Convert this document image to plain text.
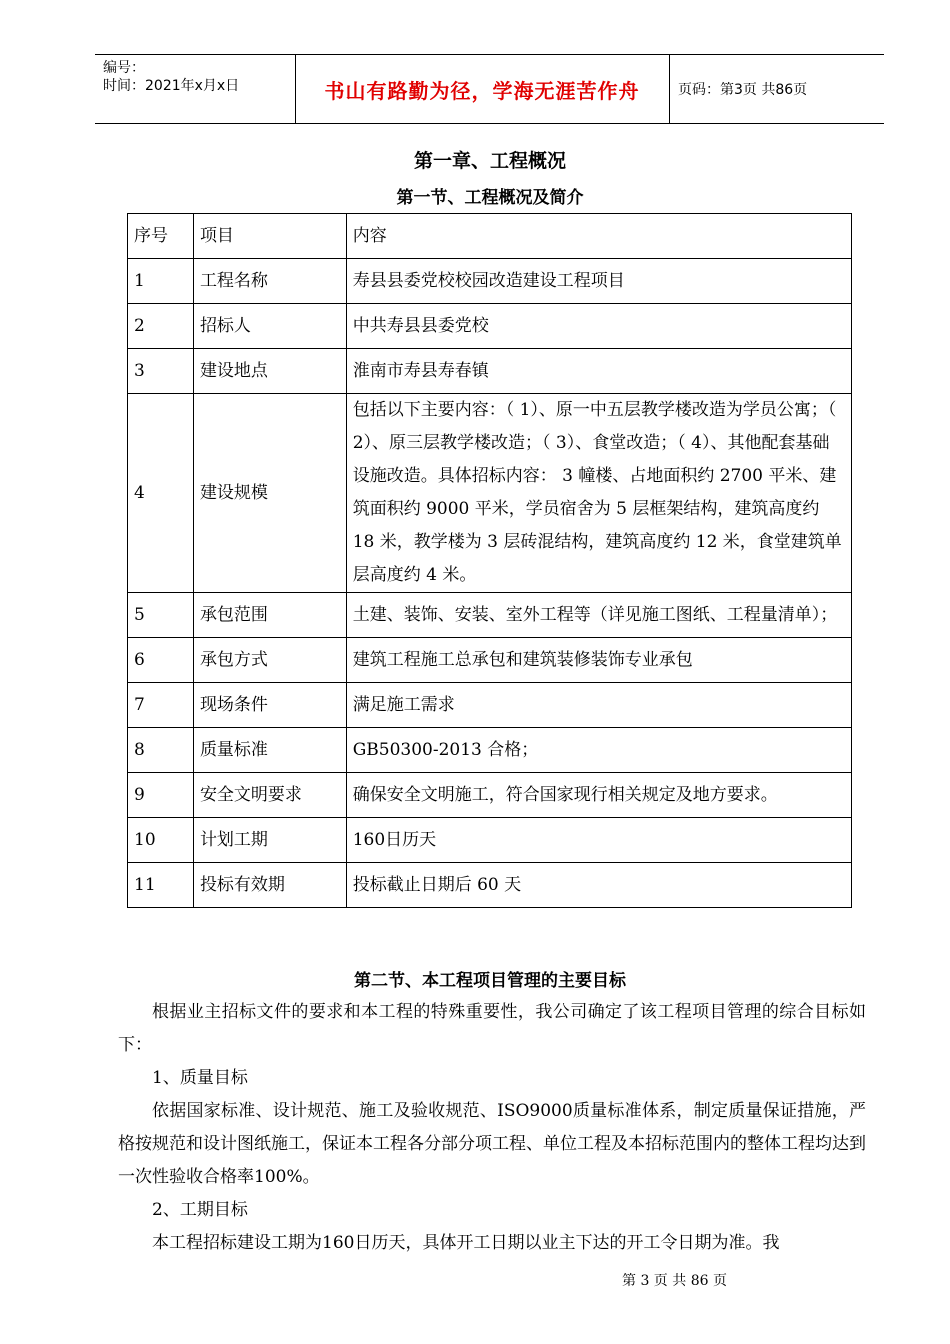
编号：
时间：2021年x月x日	书山有路勤为径，学海无涯苦作舟	页码：第3页 共86页
第一章、工程概况
第一节、工程概况及简介
序号	项目	内容
1	工程名称	寿县县委党校校园改造建设工程项目
2	招标人	中共寿县县委党校
3	建设地点	淮南市寿县寿春镇
4	建设规模	包括以下主要内容：（ 1）、原一中五层教学楼改造为学员公寓；（ 2）、原三层教学楼改造；（ 3）、食堂改造；（ 4）、其他配套基础设施改造。具体招标内容： 3 幢楼、占地面积约 2700 平米、建筑面积约 9000 平米，学员宿舍为 5 层框架结构，建筑高度约 18 米，教学楼为 3 层砖混结构，建筑高度约 12 米，食堂建筑单层高度约 4 米。
5	承包范围	土建、装饰、安装、室外工程等（详见施工图纸、工程量清单）；
6	承包方式	建筑工程施工总承包和建筑装修装饰专业承包
7	现场条件	满足施工需求
8	质量标准	GB50300-2013 合格；
9	安全文明要求	确保安全文明施工，符合国家现行相关规定及地方要求。
10	计划工期	160日历天
11	投标有效期	投标截止日期后 60 天
第二节、本工程项目管理的主要目标

根据业主招标文件的要求和本工程的特殊重要性，我公司确定了该工程项目管理的综合目标如下：

1、质量目标

依据国家标准、设计规范、施工及验收规范、ISO9000质量标准体系，制定质量保证措施，严格按规范和设计图纸施工，保证本工程各分部分项工程、单位工程及本招标范围内的整体工程均达到一次性验收合格率100%。

2、工期目标

本工程招标建设工期为160日历天，具体开工日期以业主下达的开工令日期为准。我

第 3 页 共 86 页
